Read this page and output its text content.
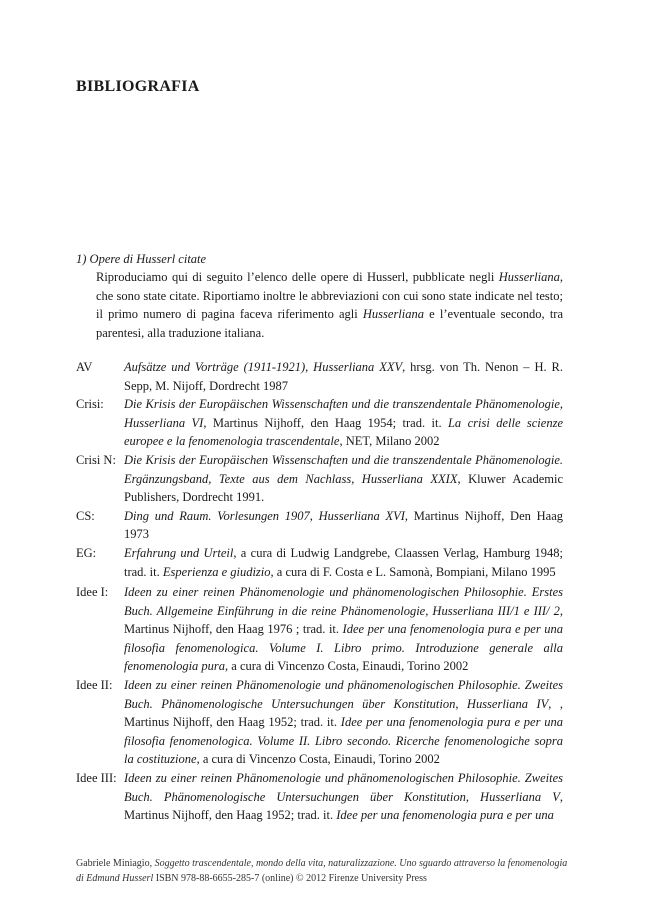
BIBLIOGRAFIA
1) Opere di Husserl citate
Riproduciamo qui di seguito l’elenco delle opere di Husserl, pubblicate negli Husserliana, che sono state citate. Riportiamo inoltre le abbreviazioni con cui sono state indicate nel testo; il primo numero di pagina faceva riferimento agli Husserliana e l’eventuale secondo, tra parentesi, alla traduzione italiana.
AV	Aufsätze und Vorträge (1911-1921), Husserliana XXV, hrsg. von Th. Nenon – H. R. Sepp, M. Nijoff, Dordrecht 1987
Crisi:	Die Krisis der Europäischen Wissenschaften und die transzendentale Phänomenologie, Husserliana VI, Martinus Nijhoff, den Haag 1954; trad. it. La crisi delle scienze europee e la fenomenologia trascendentale, NET, Milano 2002
Crisi N: Die Krisis der Europäischen Wissenschaften und die transzendentale Phänomenologie. Ergänzungsband, Texte aus dem Nachlass, Husserliana XXIX, Kluwer Academic Publishers, Dordrecht 1991.
CS:	Ding und Raum. Vorlesungen 1907, Husserliana XVI, Martinus Nijhoff, Den Haag 1973
EG:	Erfahrung und Urteil, a cura di Ludwig Landgrebe, Claassen Verlag, Hamburg 1948; trad. it. Esperienza e giudizio, a cura di F. Costa e L. Samonà, Bompiani, Milano 1995
Idee I:	Ideen zu einer reinen Phänomenologie und phänomenologischen Philosophie. Erstes Buch. Allgemeine Einführung in die reine Phänomenologie, Husserliana III/1 e III/ 2, Martinus Nijhoff, den Haag 1976 ; trad. it. Idee per una fenomenologia pura e per una filosofia fenomenologica. Volume I. Libro primo. Introduzione generale alla fenomenologia pura, a cura di Vincenzo Costa, Einaudi, Torino 2002
Idee II: Ideen zu einer reinen Phänomenologie und phänomenologischen Philosophie. Zweites Buch. Phänomenologische Untersuchungen über Konstitution, Husserliana IV, , Martinus Nijhoff, den Haag 1952; trad. it. Idee per una fenomenologia pura e per una filosofia fenomenologica. Volume II. Libro secondo. Ricerche fenomenologiche sopra la costituzione, a cura di Vincenzo Costa, Einaudi, Torino 2002
Idee III: Ideen zu einer reinen Phänomenologie und phänomenologischen Philosophie. Zweites Buch. Phänomenologische Untersuchungen über Konstitution, Husserliana V, Martinus Nijhoff, den Haag 1952; trad. it. Idee per una fenomenologia pura e per una
Gabriele Miniagio, Soggetto trascendentale, mondo della vita, naturalizzazione. Uno sguardo attraverso la fenomenologia di Edmund Husserl ISBN 978-88-6655-285-7 (online) © 2012 Firenze University Press
